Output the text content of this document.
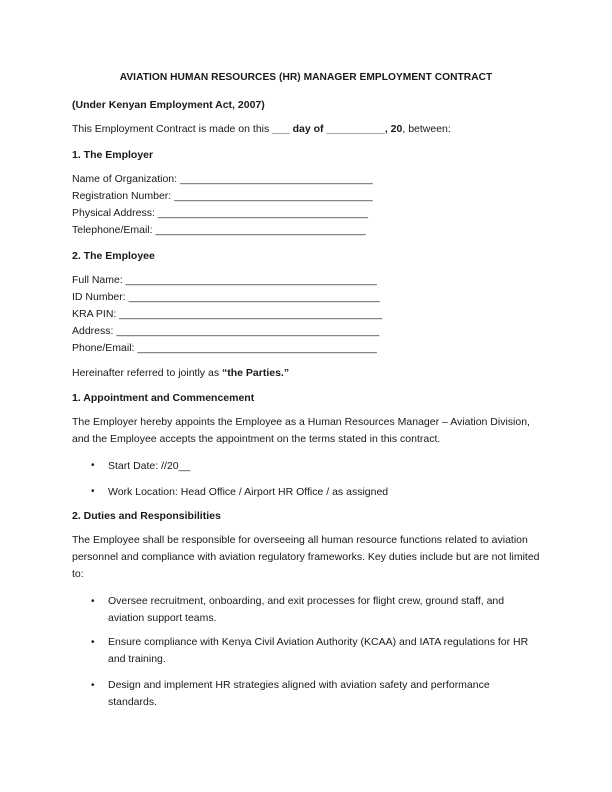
AVIATION HUMAN RESOURCES (HR) MANAGER EMPLOYMENT CONTRACT
(Under Kenyan Employment Act, 2007)
This Employment Contract is made on this ___ day of __________, 20, between:
1. The Employer
Name of Organization: _________________________________
Registration Number: __________________________________
Physical Address: ____________________________________
Telephone/Email: ____________________________________
2. The Employee
Full Name: ___________________________________________
ID Number: ___________________________________________
KRA PIN: _____________________________________________
Address: _____________________________________________
Phone/Email: _________________________________________
Hereinafter referred to jointly as “the Parties.”
1. Appointment and Commencement
The Employer hereby appoints the Employee as a Human Resources Manager – Aviation Division, and the Employee accepts the appointment on the terms stated in this contract.
• Start Date: //20__
• Work Location: Head Office / Airport HR Office / as assigned
2. Duties and Responsibilities
The Employee shall be responsible for overseeing all human resource functions related to aviation personnel and compliance with aviation regulatory frameworks. Key duties include but are not limited to:
• Oversee recruitment, onboarding, and exit processes for flight crew, ground staff, and aviation support teams.
• Ensure compliance with Kenya Civil Aviation Authority (KCAA) and IATA regulations for HR and training.
• Design and implement HR strategies aligned with aviation safety and performance standards.
